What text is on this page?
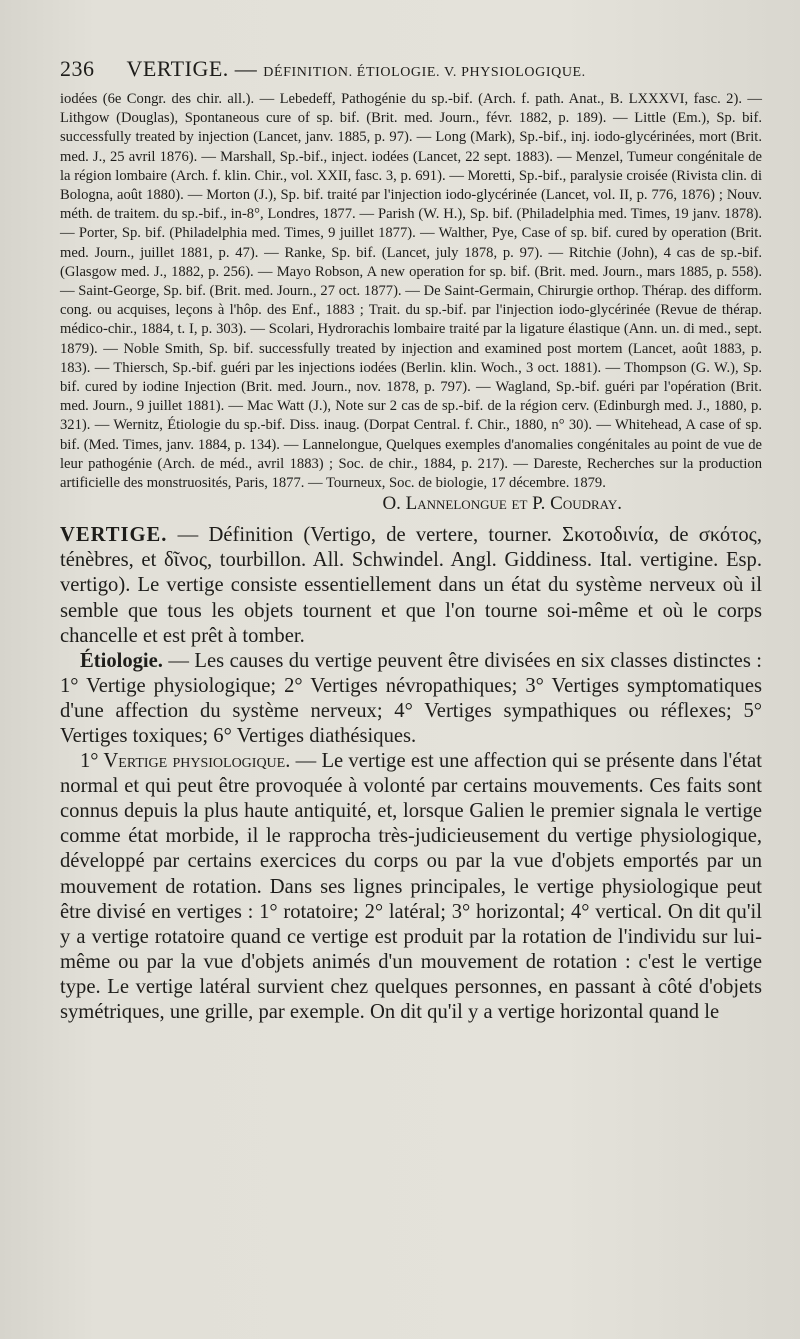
236 VERTIGE. — DÉFINITION. ÉTIOLOGIE. V. PHYSIOLOGIQUE.

iodées (6e Congr. des chir. all.). — Lebedeff, Pathogénie du sp.-bif. (Arch. f. path. Anat., B. LXXXVI, fasc. 2). — Lithgow (Douglas), Spontaneous cure of sp. bif. (Brit. med. Journ., févr. 1882, p. 189). — Little (Em.), Sp. bif. successfully treated by injection (Lancet, janv. 1885, p. 97). — Long (Mark), Sp.-bif., inj. iodo-glycérinées, mort (Brit. med. J., 25 avril 1876). — Marshall, Sp.-bif., inject. iodées (Lancet, 22 sept. 1883). — Menzel, Tumeur congénitale de la région lombaire (Arch. f. klin. Chir., vol. XXII, fasc. 3, p. 691). — Moretti, Sp.-bif., paralysie croisée (Rivista clin. di Bologna, août 1880). — Morton (J.), Sp. bif. traité par l'injection iodo-glycérinée (Lancet, vol. II, p. 776, 1876) ; Nouv. méth. de traitem. du sp.-bif., in-8°, Londres, 1877. — Parish (W. H.), Sp. bif. (Philadelphia med. Times, 19 janv. 1878). — Porter, Sp. bif. (Philadelphia med. Times, 9 juillet 1877). — Walther, Pye, Case of sp. bif. cured by operation (Brit. med. Journ., juillet 1881, p. 47). — Ranke, Sp. bif. (Lancet, july 1878, p. 97). — Ritchie (John), 4 cas de sp.-bif. (Glasgow med. J., 1882, p. 256). — Mayo Robson, A new operation for sp. bif. (Brit. med. Journ., mars 1885, p. 558). — Saint-George, Sp. bif. (Brit. med. Journ., 27 oct. 1877). — De Saint-Germain, Chirurgie orthop. Thérap. des difform. cong. ou acquises, leçons à l'hôp. des Enf., 1883 ; Trait. du sp.-bif. par l'injection iodo-glycérinée (Revue de thérap. médico-chir., 1884, t. I, p. 303). — Scolari, Hydrorachis lombaire traité par la ligature élastique (Ann. un. di med., sept. 1879). — Noble Smith, Sp. bif. successfully treated by injection and examined post mortem (Lancet, août 1883, p. 183). — Thiersch, Sp.-bif. guéri par les injections iodées (Berlin. klin. Woch., 3 oct. 1881). — Thompson (G. W.), Sp. bif. cured by iodine Injection (Brit. med. Journ., nov. 1878, p. 797). — Wagland, Sp.-bif. guéri par l'opération (Brit. med. Journ., 9 juillet 1881). — Mac Watt (J.), Note sur 2 cas de sp.-bif. de la région cerv. (Edinburgh med. J., 1880, p. 321). — Wernitz, Étiologie du sp.-bif. Diss. inaug. (Dorpat Central. f. Chir., 1880, n° 30). — Whitehead, A case of sp. bif. (Med. Times, janv. 1884, p. 134). — Lannelongue, Quelques exemples d'anomalies congénitales au point de vue de leur pathogénie (Arch. de méd., avril 1883) ; Soc. de chir., 1884, p. 217). — Dareste, Recherches sur la production artificielle des monstruosités, Paris, 1877. — Tourneux, Soc. de biologie, 17 décembre. 1879.

O. Lannelongue et P. Coudray.

VERTIGE. — Définition (Vertigo, de vertere, tourner. Σκοτοδινία, de σκότος, ténèbres, et δῖνος, tourbillon. All. Schwindel. Angl. Giddiness. Ital. vertigine. Esp. vertigo). Le vertige consiste essentiellement dans un état du système nerveux où il semble que tous les objets tournent et que l'on tourne soi-même et où le corps chancelle et est prêt à tomber.

Étiologie. — Les causes du vertige peuvent être divisées en six classes distinctes : 1° Vertige physiologique; 2° Vertiges névropathiques; 3° Vertiges symptomatiques d'une affection du système nerveux; 4° Vertiges sympathiques ou réflexes; 5° Vertiges toxiques; 6° Vertiges diathésiques.

1° Vertige physiologique. — Le vertige est une affection qui se présente dans l'état normal et qui peut être provoquée à volonté par certains mouvements. Ces faits sont connus depuis la plus haute antiquité, et, lorsque Galien le premier signala le vertige comme état morbide, il le rapprocha très-judicieusement du vertige physiologique, développé par certains exercices du corps ou par la vue d'objets emportés par un mouvement de rotation. Dans ses lignes principales, le vertige physiologique peut être divisé en vertiges : 1° rotatoire; 2° latéral; 3° horizontal; 4° vertical. On dit qu'il y a vertige rotatoire quand ce vertige est produit par la rotation de l'individu sur lui-même ou par la vue d'objets animés d'un mouvement de rotation : c'est le vertige type. Le vertige latéral survient chez quelques personnes, en passant à côté d'objets symétriques, une grille, par exemple. On dit qu'il y a vertige horizontal quand le
